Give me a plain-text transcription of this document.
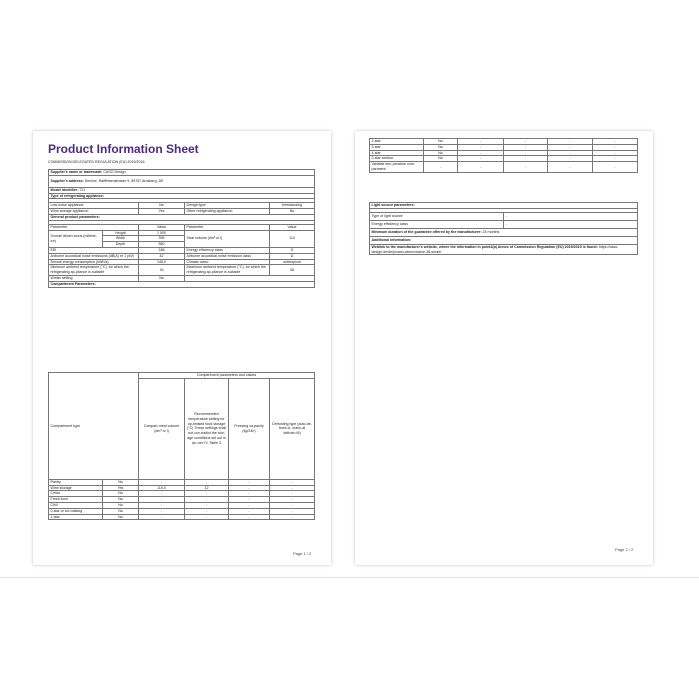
Product Information Sheet
COMMISSION DELEGATED REGULATION (EU) 2019/2016
Supplier's name or trademark: CASO Design				
Supplier's address: Service, Raiffeisenstrasse 9, 59757 Arnsberg, DE				
Model identifier: 721				
Type of refrigerating appliance:				

Low-noise appliance:		No	Design type:	freestanding
Wine storage appliance:		Yes	Other refrigerating appliance:	No
General product parameters:				

Parameter		Value	Parameter	Value
Overall dimen-sions (millime-tre)	Height	1 000	Total volume (dm³ or l)	110
	Width	395		
	Depth	580		
EEI		186	Energy efficiency class	G
Airborne acoustical noise emissions (dB(A) re 1 pW)		42	Airborne acoustical noise emission class	D
Annual energy consumption (kWh/a)		146,0	Climate class:	subtropical
Minimum ambient temperature (°C), for which the refrigerating ap-pliance is suitable		16	Maximum ambient temperature (°C), for which the refrigerating ap-pliance is suitable	38
Winter setting		No		
Compartment Parameters:				
Compartment type		Compartment parameters and values			
		Compart-ment volume (dm³ or l)	Recommended temperature setting for op-timised food storage (°C) These settings shall not con-tradict the stor-age conditions set out in An-nex IV, Table 3	Freezing ca-pacity (kg/24h)	Defrosting type (auto-de-frost=A, manu-al defrost=M)
Pantry	No	-	-	-	-
Wine storage	Yes	110,0	12	-	-
Cellar	No	-	-	-	-
Fresh food	No	-	-	-	-
Chill	No	-	-	-	-
0-star or ice-making	No	-	-	-	-
1-star	No	-	-	-	-
Page 1 / 2
2-star	No	-	-	-	-
3-star	No	-	-	-	-
4-star	No	-	-	-	-
2-star section	No	-	-	-	-
Variable tem-perature com-partment	-	-	-	-	-
Light source parameters:	

Type of light source	-
Energy efficiency class	-
Minimum duration of the guarantee offered by the manufacturer: 24 months	
Additional information:	
Weblink to the manufacturer's website, where the information in point4(a) Annex of Commission Regulation (EU) 2019/2019 is found: https://caso-design.de/de/p/caso-winexclusive-38-smart/	
Page 2 / 2
